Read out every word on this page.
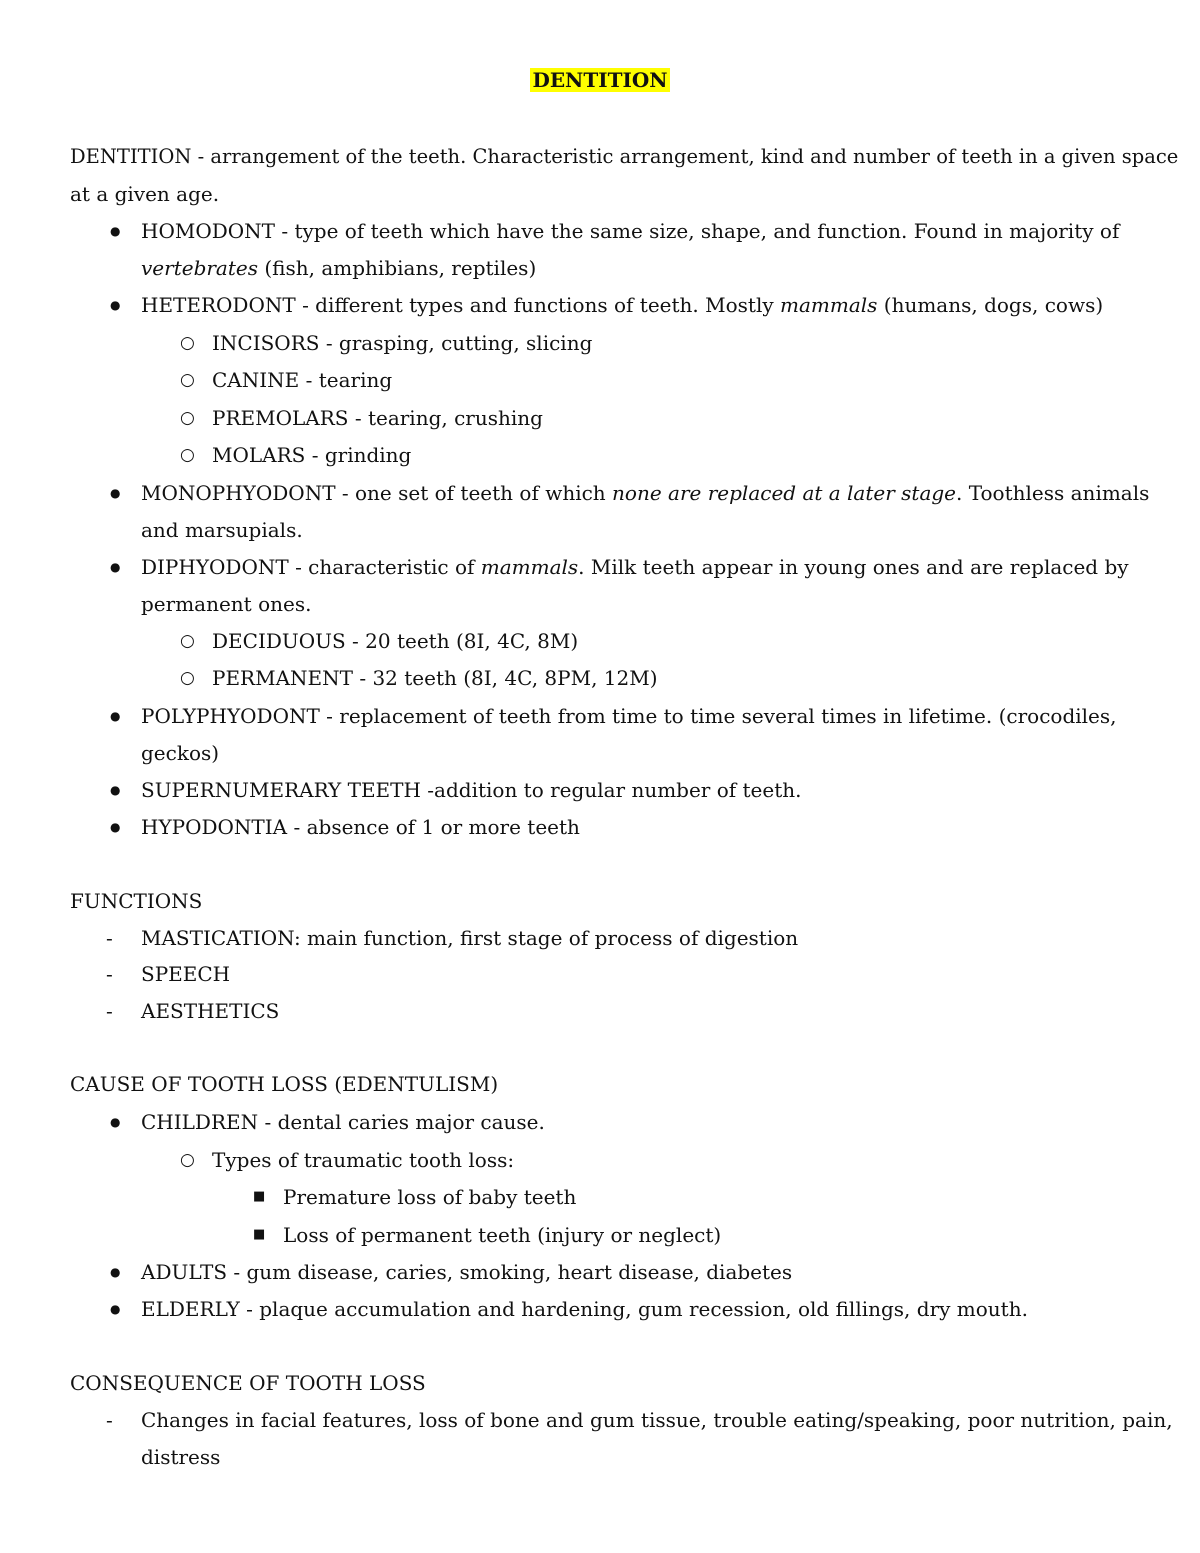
DENTITION
DENTITION - arrangement of the teeth. Characteristic arrangement, kind and number of teeth in a given space
at a given age.
● HOMODONT - type of teeth which have the same size, shape, and function. Found in majority of
vertebrates (fish, amphibians, reptiles)
● HETERODONT - different types and functions of teeth. Mostly mammals (humans, dogs, cows)
○ INCISORS - grasping, cutting, slicing
○ CANINE - tearing
○ PREMOLARS - tearing, crushing
○ MOLARS - grinding
● MONOPHYODONT - one set of teeth of which none are replaced at a later stage. Toothless animals
and marsupials.
● DIPHYODONT - characteristic of mammals. Milk teeth appear in young ones and are replaced by
permanent ones.
○ DECIDUOUS - 20 teeth (8I, 4C, 8M)
○ PERMANENT - 32 teeth (8I, 4C, 8PM, 12M)
● POLYPHYODONT - replacement of teeth from time to time several times in lifetime. (crocodiles,
geckos)
● SUPERNUMERARY TEETH -addition to regular number of teeth.
● HYPODONTIA - absence of 1 or more teeth
FUNCTIONS
- MASTICATION: main function, first stage of process of digestion
- SPEECH
- AESTHETICS
CAUSE OF TOOTH LOSS (EDENTULISM)
● CHILDREN - dental caries major cause.
○ Types of traumatic tooth loss:
■ Premature loss of baby teeth
■ Loss of permanent teeth (injury or neglect)
● ADULTS - gum disease, caries, smoking, heart disease, diabetes
● ELDERLY - plaque accumulation and hardening, gum recession, old fillings, dry mouth.
CONSEQUENCE OF TOOTH LOSS
- Changes in facial features, loss of bone and gum tissue, trouble eating/speaking, poor nutrition, pain,
distress
